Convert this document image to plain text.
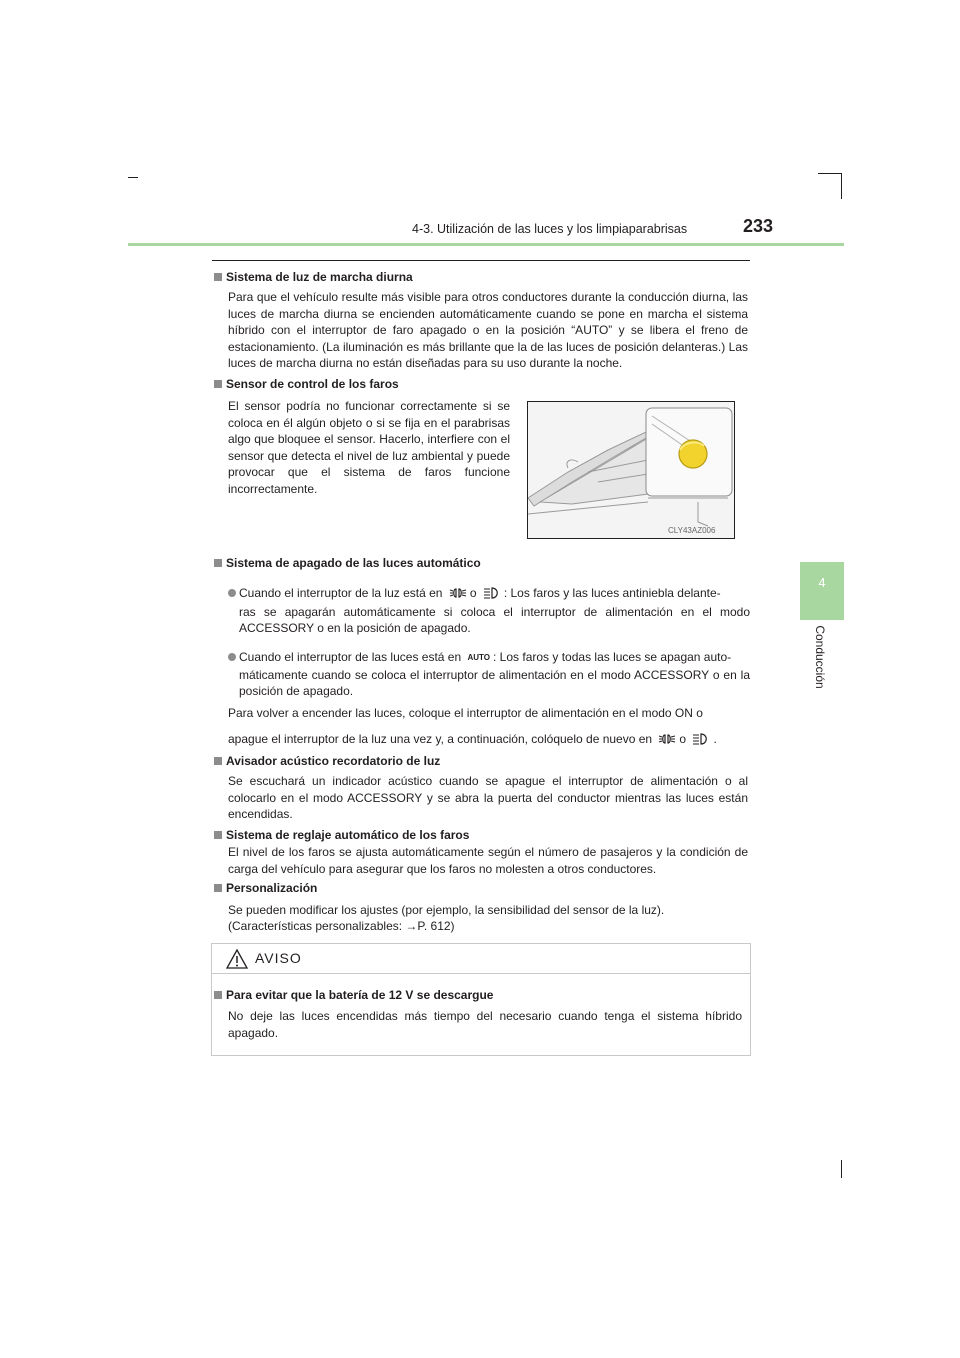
4-3. Utilización de las luces y los limpiaparabrisas	233
4
Conducción
Sistema de luz de marcha diurna
Para que el vehículo resulte más visible para otros conductores durante la conducción diurna, las luces de marcha diurna se encienden automáticamente cuando se pone en marcha el sistema híbrido con el interruptor de faro apagado o en la posición “AUTO” y se libera el freno de estacionamiento. (La iluminación es más brillante que la de las luces de posición delanteras.) Las luces de marcha diurna no están diseñadas para su uso durante la noche.
Sensor de control de los faros
El sensor podría no funcionar correctamente si se coloca en él algún objeto o si se fija en el parabrisas algo que bloquee el sensor. Hacerlo, interfiere con el sensor que detecta el nivel de luz ambiental y puede provocar que el sistema de faros funcione incorrectamente.
CLY43AZ006
Sistema de apagado de las luces automático
Cuando el interruptor de la luz está en o : Los faros y las luces antiniebla delante-
ras se apagarán automáticamente si coloca el interruptor de alimentación en el modo ACCESSORY o en la posición de apagado.
Cuando el interruptor de las luces está en AUTO : Los faros y todas las luces se apagan auto-
máticamente cuando se coloca el interruptor de alimentación en el modo ACCESSORY o en la posición de apagado.
Para volver a encender las luces, coloque el interruptor de alimentación en el modo ON o
apague el interruptor de la luz una vez y, a continuación, colóquelo de nuevo en o .
Avisador acústico recordatorio de luz
Se escuchará un indicador acústico cuando se apague el interruptor de alimentación o al colocarlo en el modo ACCESSORY y se abra la puerta del conductor mientras las luces están encendidas.
Sistema de reglaje automático de los faros
El nivel de los faros se ajusta automáticamente según el número de pasajeros y la condición de carga del vehículo para asegurar que los faros no molesten a otros conductores.
Personalización
Se pueden modificar los ajustes (por ejemplo, la sensibilidad del sensor de la luz).
(Características personalizables: →P. 612)
AVISO
Para evitar que la batería de 12 V se descargue
No deje las luces encendidas más tiempo del necesario cuando tenga el sistema híbrido apagado.
